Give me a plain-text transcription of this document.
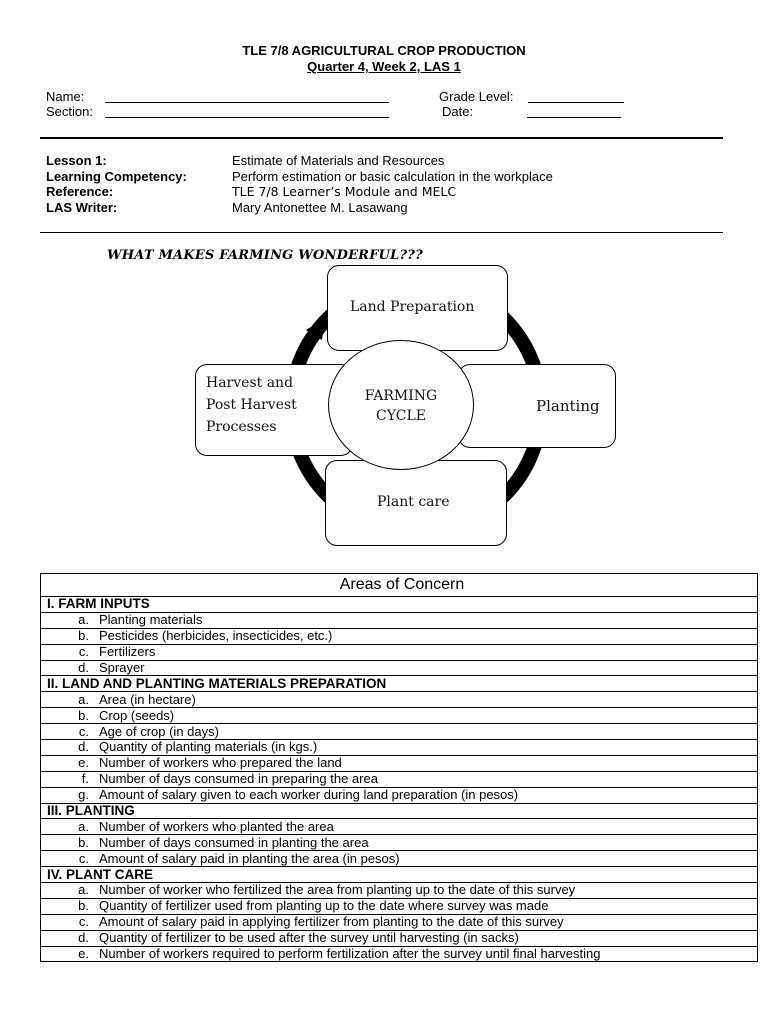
TLE 7/8 AGRICULTURAL CROP PRODUCTION
Quarter 4, Week 2, LAS 1
Name:
Section:
Grade Level:
Date:
Lesson 1:	Estimate of Materials and Resources
Learning Competency:	Perform estimation or basic calculation in the workplace
Reference:	TLE 7/8 Learner’s Module and MELC
LAS Writer:	Mary Antonettee M. Lasawang
WHAT MAKES FARMING WONDERFUL???
Land Preparation
Planting
Plant care
Harvest and
Post Harvest
Processes
FARMING
CYCLE
Areas of Concern
I. FARM INPUTS
a. Planting materials
b. Pesticides (herbicides, insecticides, etc.)
c. Fertilizers
d. Sprayer
II. LAND AND PLANTING MATERIALS PREPARATION
a. Area (in hectare)
b. Crop (seeds)
c. Age of crop (in days)
d. Quantity of planting materials (in kgs.)
e. Number of workers who prepared the land
f. Number of days consumed in preparing the area
g. Amount of salary given to each worker during land preparation (in pesos)
III. PLANTING
a. Number of workers who planted the area
b. Number of days consumed in planting the area
c. Amount of salary paid in planting the area (in pesos)
IV. PLANT CARE
a. Number of worker who fertilized the area from planting up to the date of this survey
b. Quantity of fertilizer used from planting up to the date where survey was made
c. Amount of salary paid in applying fertilizer from planting to the date of this survey
d. Quantity of fertilizer to be used after the survey until harvesting (in sacks)
e. Number of workers required to perform fertilization after the survey until final harvesting
